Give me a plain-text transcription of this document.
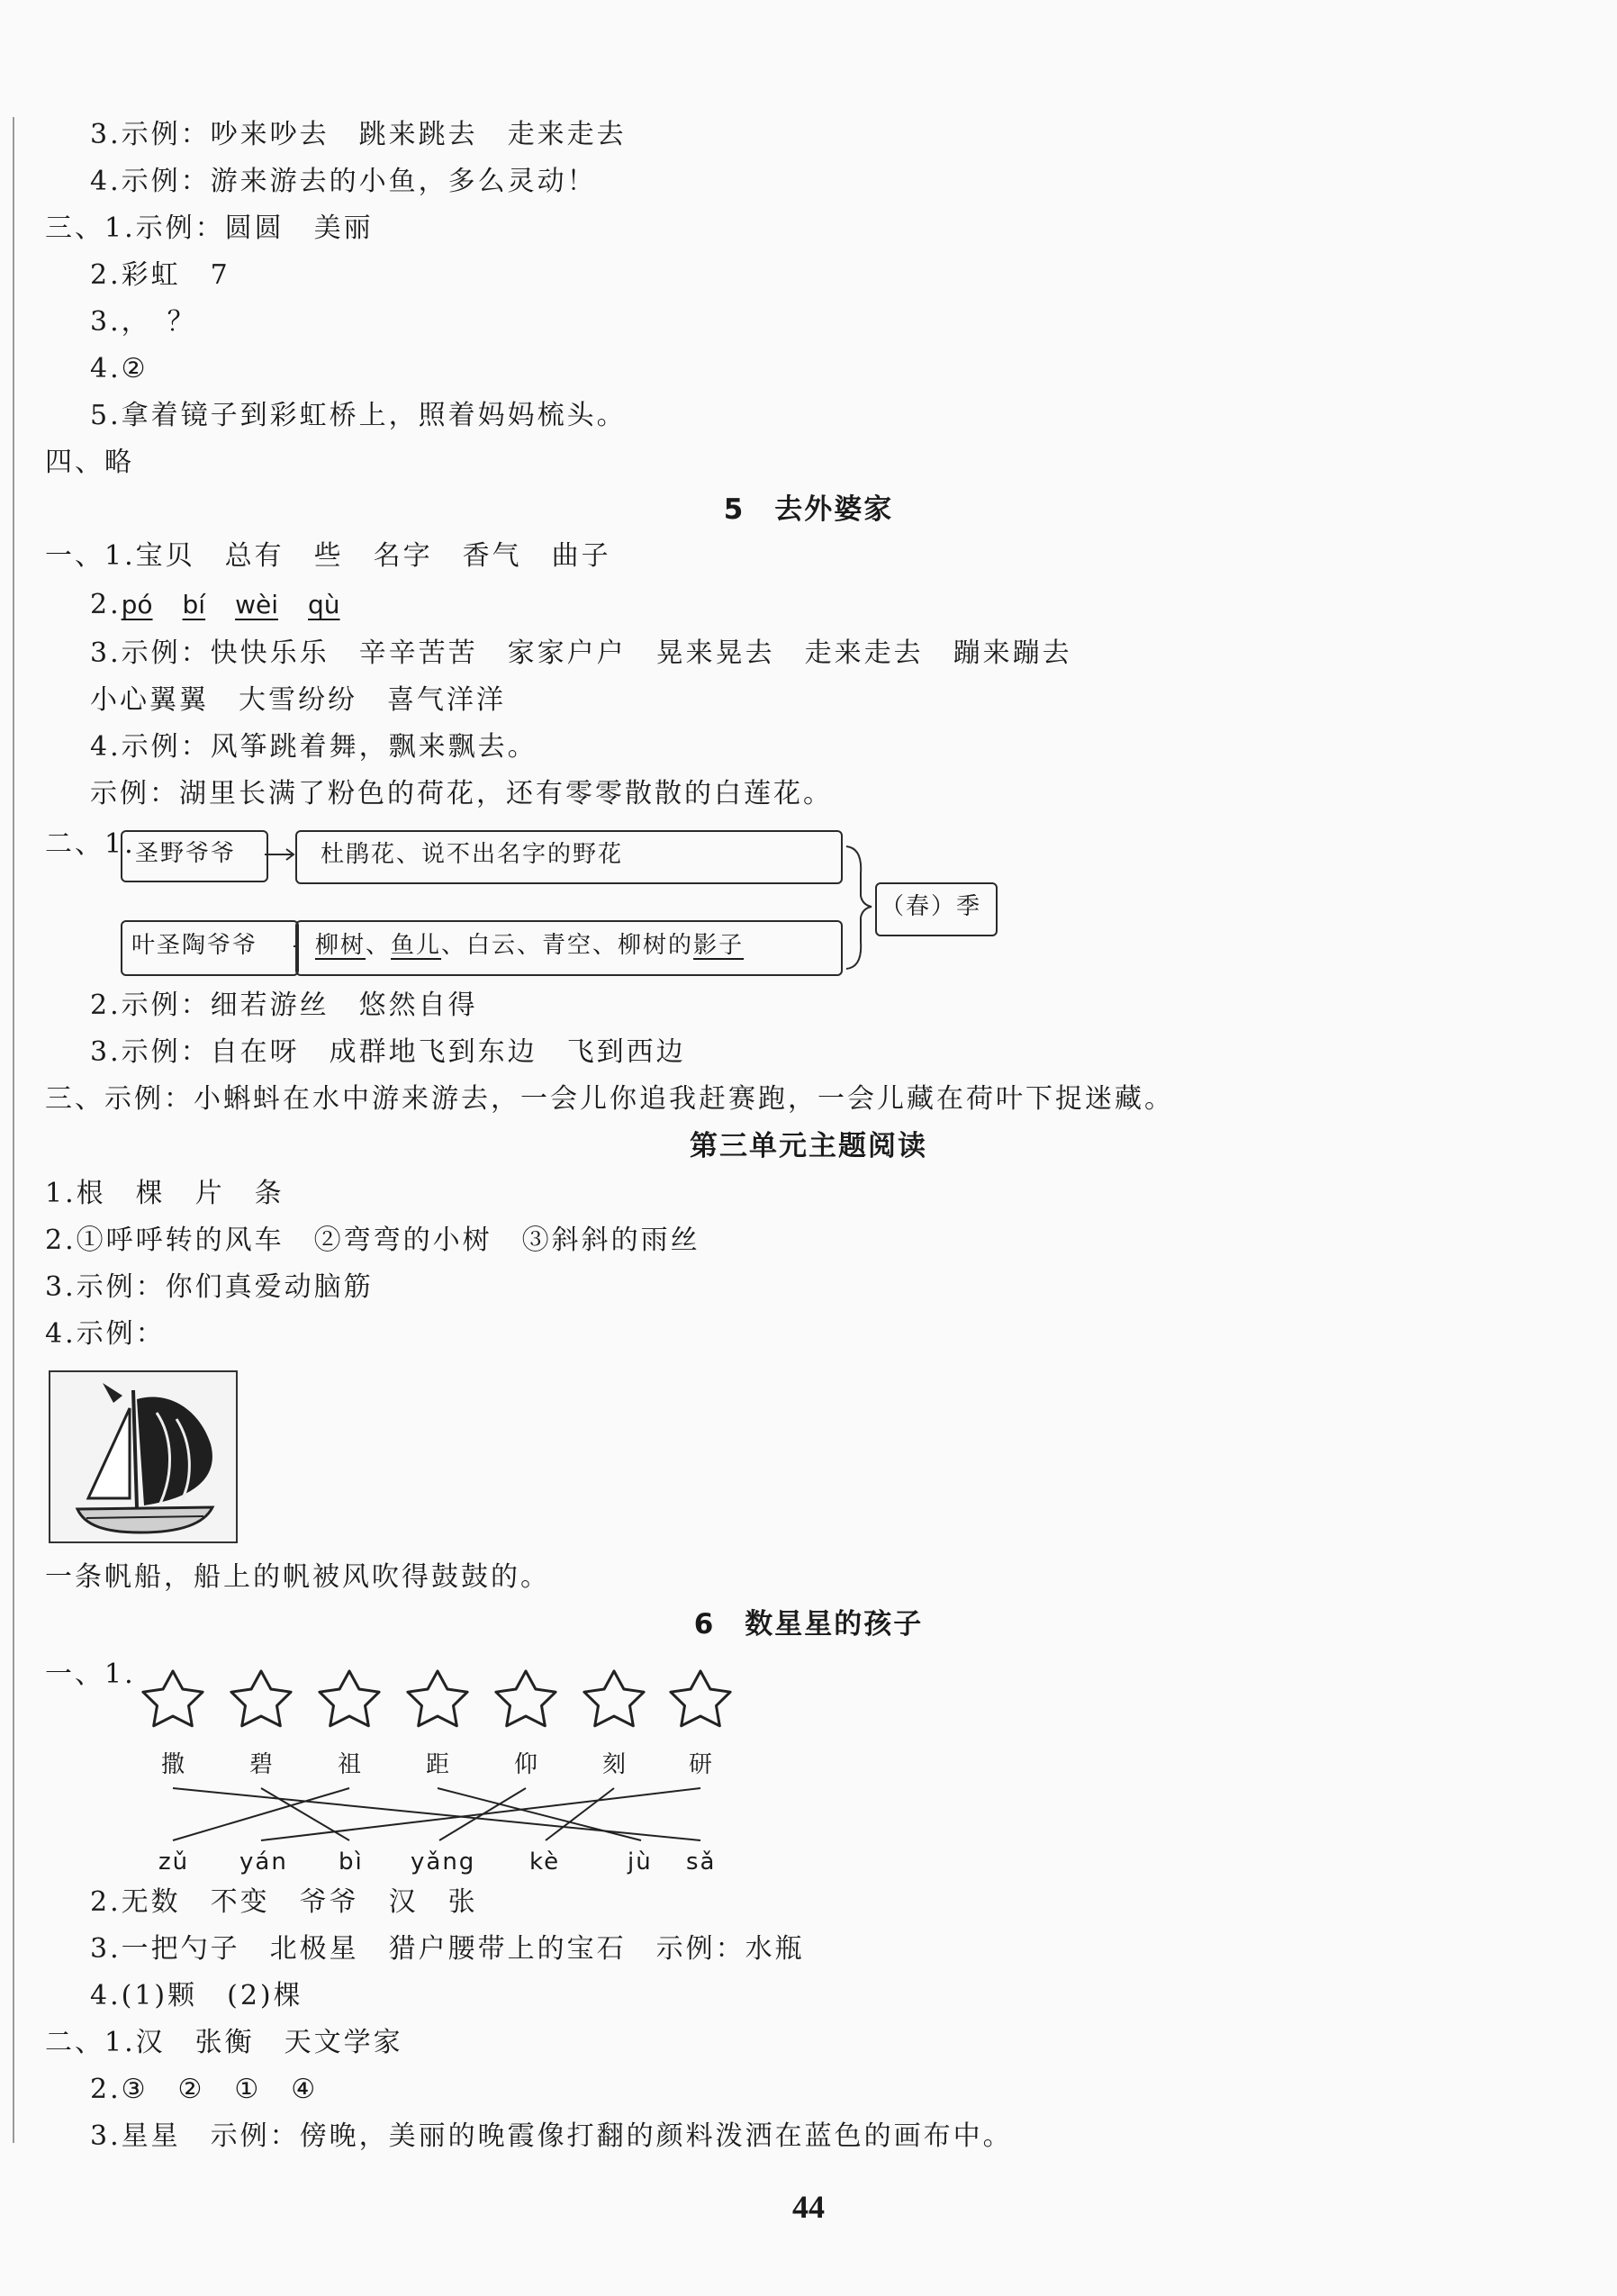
3.示例：吵来吵去　跳来跳去　走来走去
4.示例：游来游去的小鱼，多么灵动！
三、1.示例：圆圆　美丽
2.彩虹　7
3.，　？
4.②
5.拿着镜子到彩虹桥上，照着妈妈梳头。
四、略
5　去外婆家
一、1.宝贝　总有　些　名字　香气　曲子
2.pó　 bí　 wèi　 qù
3.示例：快快乐乐　辛辛苦苦　家家户户　晃来晃去　走来走去　蹦来蹦去
小心翼翼　大雪纷纷　喜气洋洋
4.示例：风筝跳着舞，飘来飘去。
示例：湖里长满了粉色的荷花，还有零零散散的白莲花。
二、1. 圣野爷爷	杜鹃花、说不出名字的野花
叶圣陶爷爷 柳树、鱼儿、白云、青空、柳树的影子
（春）季
2.示例：细若游丝　悠然自得
3.示例：自在呀　成群地飞到东边　飞到西边
三、示例：小蝌蚪在水中游来游去，一会儿你追我赶赛跑，一会儿藏在荷叶下捉迷藏。
第三单元主题阅读
1.根　棵　片　条
2.①呼呼转的风车　②弯弯的小树　③斜斜的雨丝
3.示例：你们真爱动脑筋
4.示例：
一条帆船，船上的帆被风吹得鼓鼓的。
6　数星星的孩子
一、1.
撒	碧	祖	距	仰	刻	研
zǔ yán bì yǎng kè	jù sǎ
2.无数　不变　爷爷　汉　张
3.一把勺子　北极星　猎户腰带上的宝石　示例：水瓶
4.(1)颗　(2)棵
二、1.汉　张衡　天文学家
2.③　②　①　④
3.星星　示例：傍晚，美丽的晚霞像打翻的颜料泼洒在蓝色的画布中。
44
